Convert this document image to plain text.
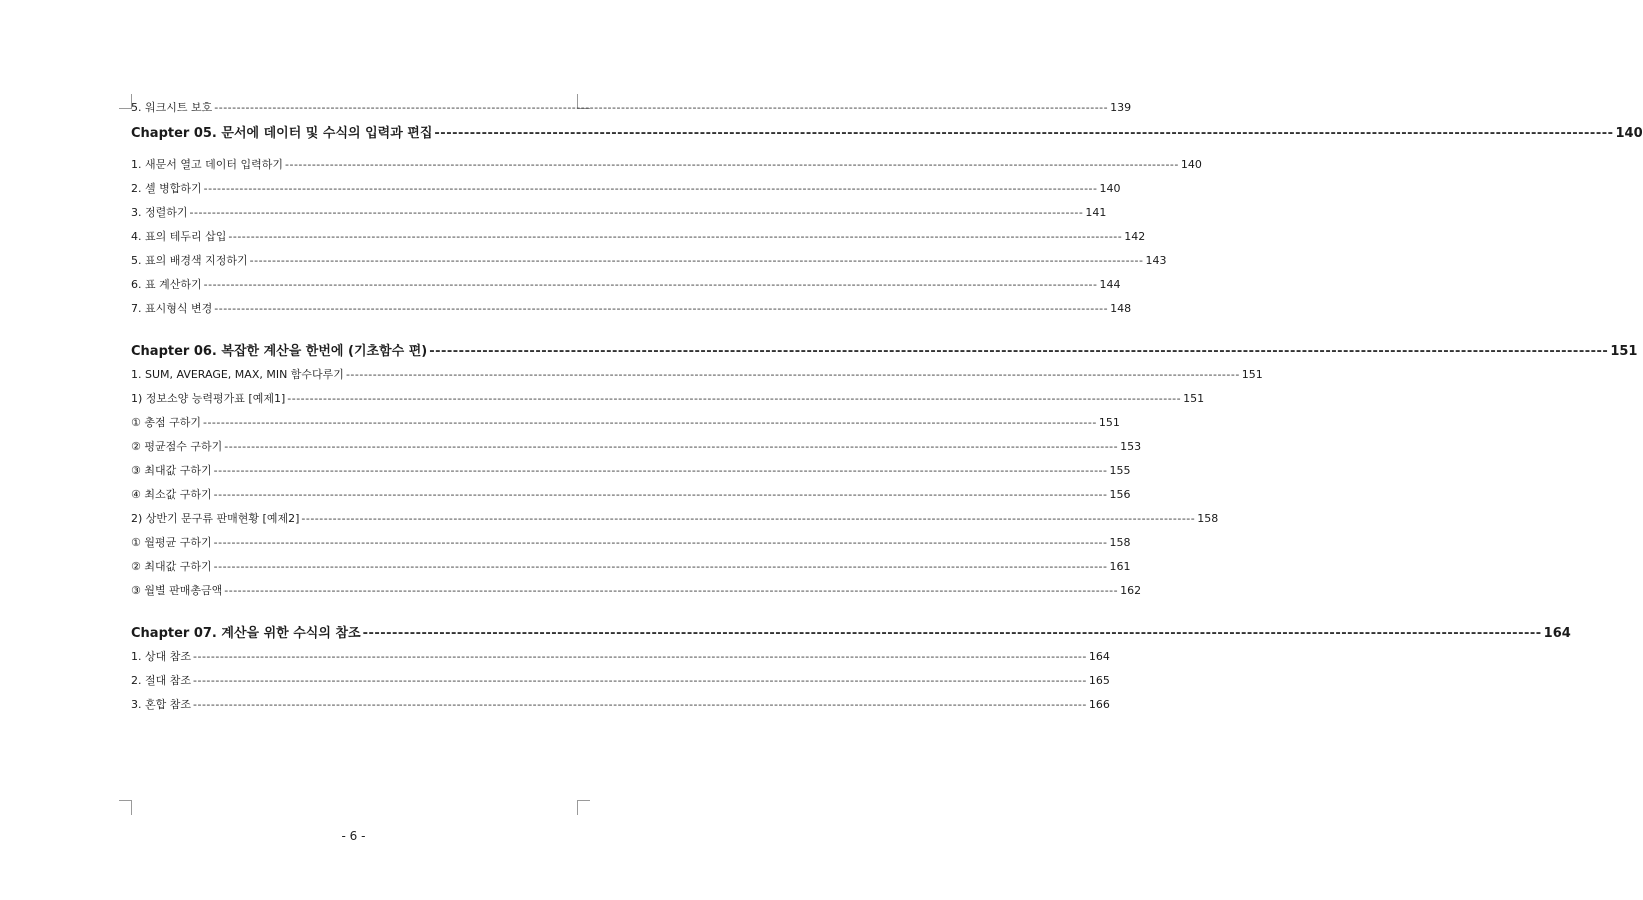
5. 워크시트 보호 -------------------------------------------------------------------------------------------------------------------------------------------------------------------------------------------------------- 139
Chapter 05. 문서에 데이터 및 수식의 입력과 편집 -------------------------------------------------------------------------------------------------------------------------------------------------------------------------------------------------------- 140
1. 새문서 열고 데이터 입력하기 -------------------------------------------------------------------------------------------------------------------------------------------------------------------------------------------------------- 140
2. 셀 병합하기 -------------------------------------------------------------------------------------------------------------------------------------------------------------------------------------------------------- 140
3. 정렬하기 -------------------------------------------------------------------------------------------------------------------------------------------------------------------------------------------------------- 141
4. 표의 테두리 삽입 -------------------------------------------------------------------------------------------------------------------------------------------------------------------------------------------------------- 142
5. 표의 배경색 지정하기 -------------------------------------------------------------------------------------------------------------------------------------------------------------------------------------------------------- 143
6. 표 계산하기 -------------------------------------------------------------------------------------------------------------------------------------------------------------------------------------------------------- 144
7. 표시형식 변경 -------------------------------------------------------------------------------------------------------------------------------------------------------------------------------------------------------- 148
Chapter 06. 복잡한 계산을 한번에 (기초함수 편) -------------------------------------------------------------------------------------------------------------------------------------------------------------------------------------------------------- 151
1. SUM, AVERAGE, MAX, MIN 함수다루기 -------------------------------------------------------------------------------------------------------------------------------------------------------------------------------------------------------- 151
1) 정보소양 능력평가표 [예제1] -------------------------------------------------------------------------------------------------------------------------------------------------------------------------------------------------------- 151
① 총점 구하기 -------------------------------------------------------------------------------------------------------------------------------------------------------------------------------------------------------- 151
② 평균점수 구하기 -------------------------------------------------------------------------------------------------------------------------------------------------------------------------------------------------------- 153
③ 최대값 구하기 -------------------------------------------------------------------------------------------------------------------------------------------------------------------------------------------------------- 155
④ 최소값 구하기 -------------------------------------------------------------------------------------------------------------------------------------------------------------------------------------------------------- 156
2) 상반기 문구류 판매현황 [예제2] -------------------------------------------------------------------------------------------------------------------------------------------------------------------------------------------------------- 158
① 월평균 구하기 -------------------------------------------------------------------------------------------------------------------------------------------------------------------------------------------------------- 158
② 최대값 구하기 -------------------------------------------------------------------------------------------------------------------------------------------------------------------------------------------------------- 161
③ 월별 판매총금액 -------------------------------------------------------------------------------------------------------------------------------------------------------------------------------------------------------- 162
Chapter 07. 계산을 위한 수식의 참조 -------------------------------------------------------------------------------------------------------------------------------------------------------------------------------------------------------- 164
1. 상대 참조 -------------------------------------------------------------------------------------------------------------------------------------------------------------------------------------------------------- 164
2. 절대 참조 -------------------------------------------------------------------------------------------------------------------------------------------------------------------------------------------------------- 165
3. 혼합 참조 -------------------------------------------------------------------------------------------------------------------------------------------------------------------------------------------------------- 166
- 6 -
